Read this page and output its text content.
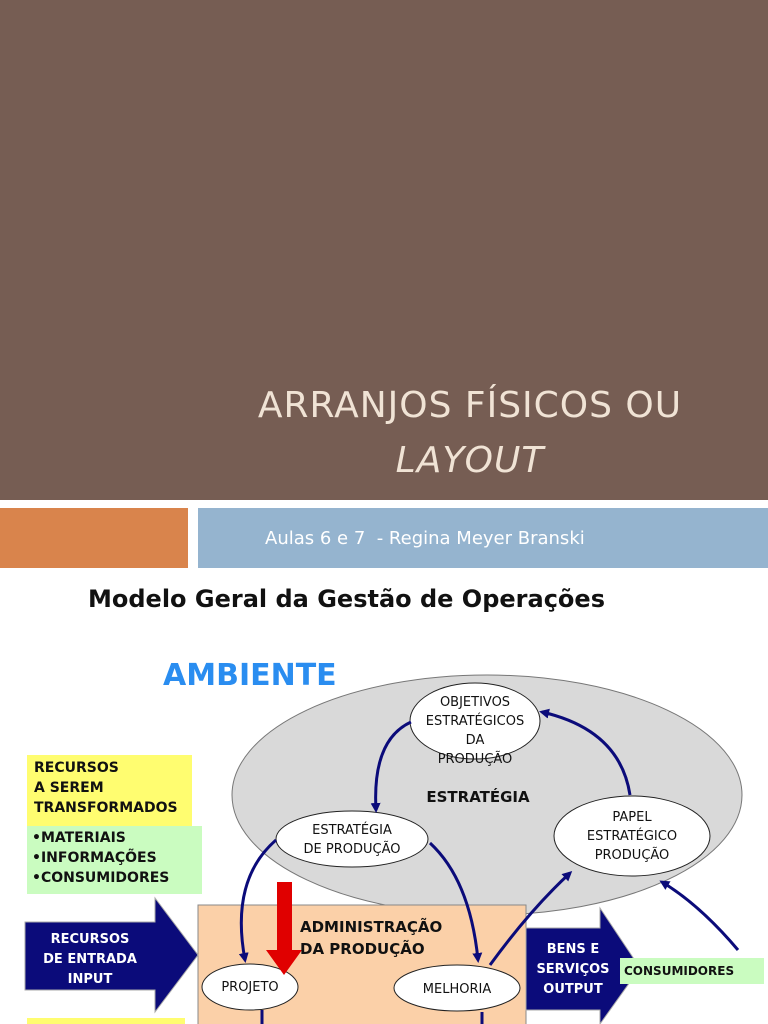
ARRANJOS FÍSICOS OU
LAYOUT
Aulas 6 e 7  - Regina Meyer Branski
Modelo Geral da Gestão de Operações
AMBIENTE
OBJETIVOS
ESTRATÉGICOS DA
PRODUÇÃO
ESTRATÉGIA
ESTRATÉGIA
DE PRODUÇÃO
PAPEL
ESTRATÉGICO
PRODUÇÃO
RECURSOS
A SEREM
TRANSFORMADOS
•MATERIAIS
•INFORMAÇÕES
•CONSUMIDORES
RECURSOS
DE ENTRADA
INPUT
ADMINISTRAÇÃO
DA PRODUÇÃO
PROJETO	MELHORIA
BENS E
SERVIÇOS
OUTPUT
CONSUMIDORES
